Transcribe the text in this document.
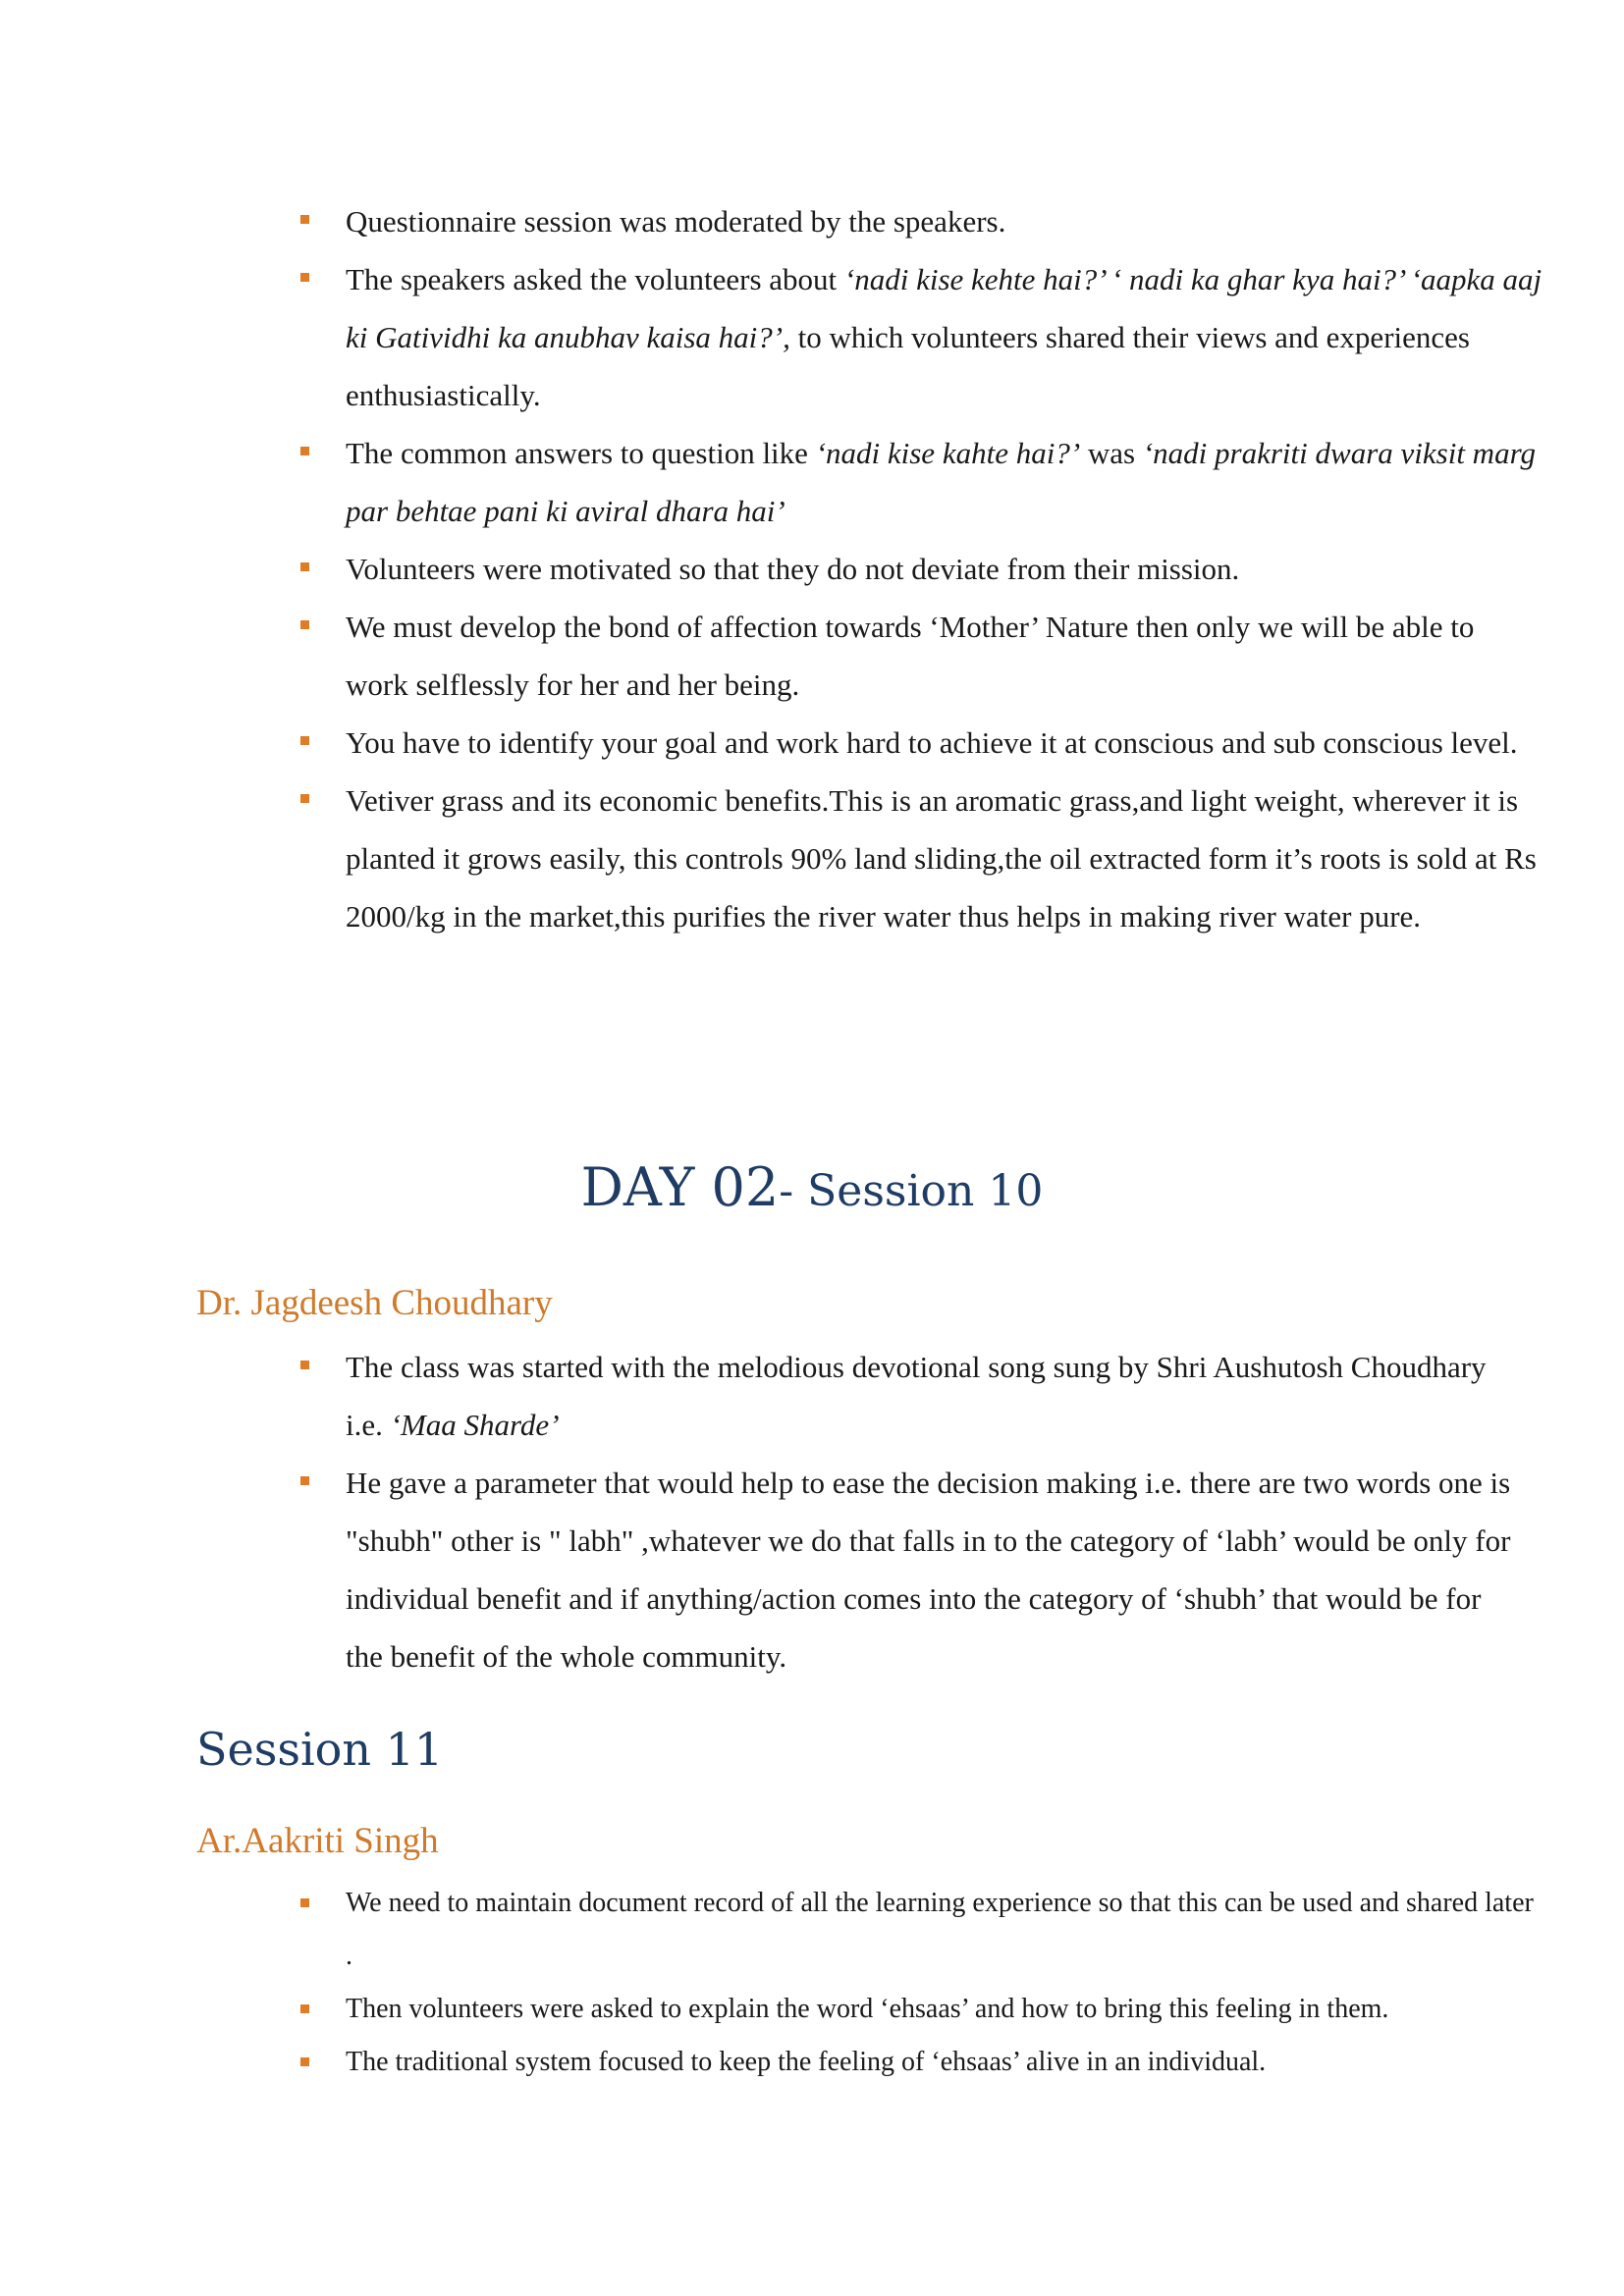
Questionnaire session was moderated by the speakers.
The speakers asked the volunteers about ‘nadi kise kehte hai?’ ‘ nadi ka ghar kya hai?’ ‘aapka aaj ki Gatividhi ka anubhav kaisa hai?’, to which volunteers shared their views and experiences enthusiastically.
The common answers to question like ‘nadi kise kahte hai?’ was ‘nadi prakriti dwara viksit marg par behtae pani ki aviral dhara hai’
Volunteers were motivated so that they do not deviate from their mission.
We must develop the bond of affection towards ‘Mother’ Nature then only we will be able to work selflessly for her and her being.
You have to identify your goal and work hard to achieve it at conscious and sub conscious level.
Vetiver grass and its economic benefits.This is an aromatic grass,and light weight, wherever it is planted it grows easily, this controls 90% land sliding,the oil extracted form it’s roots is sold at Rs 2000/kg in the market,this purifies the river water thus helps in making river water pure.
DAY 02- Session 10
Dr. Jagdeesh Choudhary
The class was started with the melodious devotional song sung by Shri Aushutosh Choudhary i.e. ‘Maa Sharde’
He gave a parameter that would help to ease the decision making i.e. there are two words one is "shubh" other is " labh" ,whatever we do that falls in to the category of ‘labh’ would be only for individual benefit and if anything/action comes into the category of ‘shubh’ that would be for the benefit of the whole community.
Session 11
Ar.Aakriti Singh
We need to maintain document record of all the learning experience so that this can be used and shared later .
Then volunteers were asked to explain the word ‘ehsaas’ and how to bring this feeling in them.
The traditional system focused to keep the feeling of ‘ehsaas’ alive in an individual.
